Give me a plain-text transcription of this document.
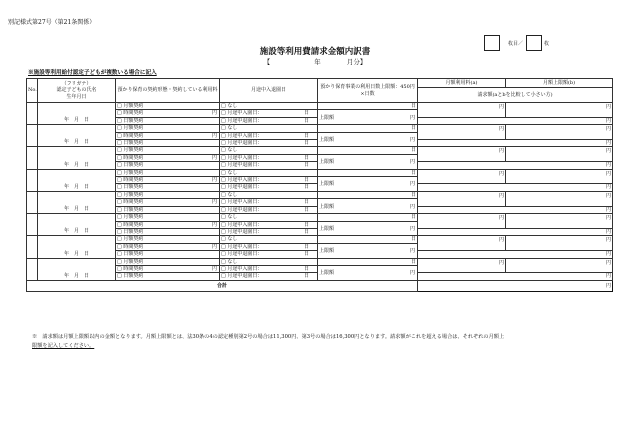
別記様式第27号（第21条関係）
枚目／	枚
施設等利用費請求金額内訳書
【	年	月分】
※施設等利用給付認定子どもが複数いる場合に記入
No.	（フリガナ）
認定子どもの氏名
生年月日	預かり保育の契約形態・契約している利用料	月途中入退園日	預かり保育事業の利用日数上限額：450円×日数	月額利用料(a)	月額上限額(b)
					請求額(aとbを比較して小さい方)	
	年　月　日	□ 月額契約	□ なし	日	円	円
		□ 時間契約 円	□ 月途中入園日： 日	上限額 円		

		□ 日額契約	□ 月途中退園日： 日		円	
	年　月　日	□ 月額契約	□ なし	日	円	円
		□ 時間契約 円	□ 月途中入園日： 日	上限額 円		

		□ 日額契約	□ 月途中退園日： 日		円	
	年　月　日	□ 月額契約	□ なし	日	円	円
		□ 時間契約 円	□ 月途中入園日： 日	上限額 円		

		□ 日額契約	□ 月途中退園日： 日		円	
	年　月　日	□ 月額契約	□ なし	日	円	円
		□ 時間契約 円	□ 月途中入園日： 日	上限額 円		

		□ 日額契約	□ 月途中退園日： 日		円	
	年　月　日	□ 月額契約	□ なし	日	円	円
		□ 時間契約 円	□ 月途中入園日： 日	上限額 円		

		□ 日額契約	□ 月途中退園日： 日		円	
	年　月　日	□ 月額契約	□ なし	日	円	円
		□ 時間契約 円	□ 月途中入園日： 日	上限額 円		

		□ 日額契約	□ 月途中退園日： 日		円	
	年　月　日	□ 月額契約	□ なし	日	円	円
		□ 時間契約 円	□ 月途中入園日： 日	上限額 円		

		□ 日額契約	□ 月途中退園日： 日		円	
	年　月　日	□ 月額契約	□ なし	日	円	円
		□ 時間契約 円	□ 月途中入園日： 日	上限額 円		

		□ 日額契約	□ 月途中退園日： 日		円	
合計					円	
※　請求額は月額上限額以内の金額となります。月額上限額とは、法30条の4の認定種別第2号の場合は11,300円、第3号の場合は16,300円となります。請求額がこれを超える場合は、それぞれの月額上
限額を記入してください。
